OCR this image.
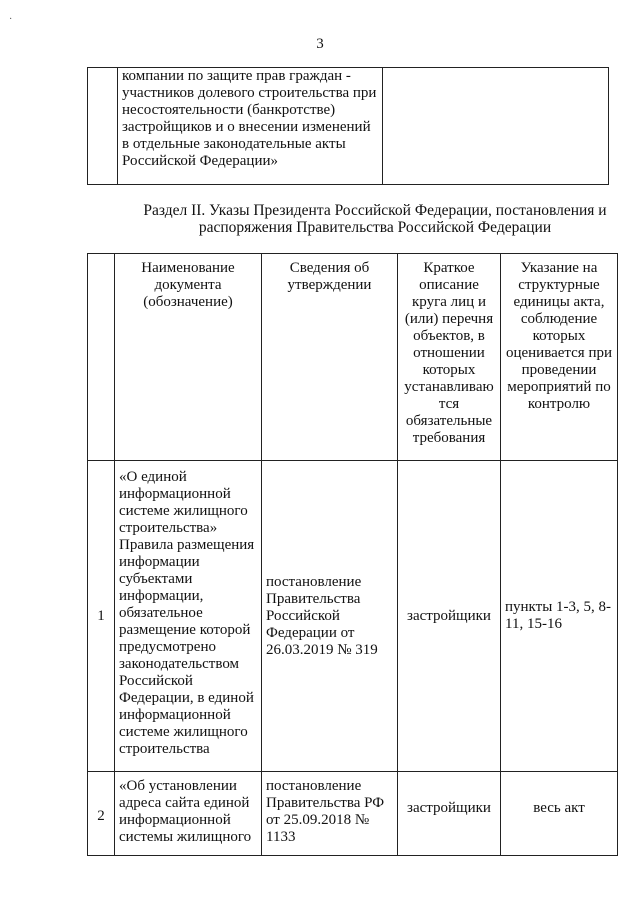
·
3
	компании по защите прав граждан - участников долевого строительства при несостоятельности (банкротстве) застройщиков и о внесении изменений в отдельные законодательные акты Российской Федерации»	
Раздел II. Указы Президента Российской Федерации, постановления и распоряжения Правительства Российской Федерации
	Наименование документа (обозначение)	Сведения об утверждении	Краткое описание круга лиц и (или) перечня объектов, в отношении которых устанавливаю тся обязательные требования	Указание на структурные единицы акта, соблюдение которых оценивается при проведении мероприятий по контролю
1	«О единой информационной системе жилищного строительства» Правила размещения информации субъектами информации, обязательное размещение которой предусмотрено законодательством Российской Федерации, в единой информационной системе жилищного строительства	постановление Правительства Российской Федерации от 26.03.2019 № 319	застройщики	пункты 1-3, 5, 8-11, 15-16

2	«Об установлении адреса сайта единой информационной системы жилищного	постановление Правительства РФ от 25.09.2018 № 1133	застройщики	весь акт
